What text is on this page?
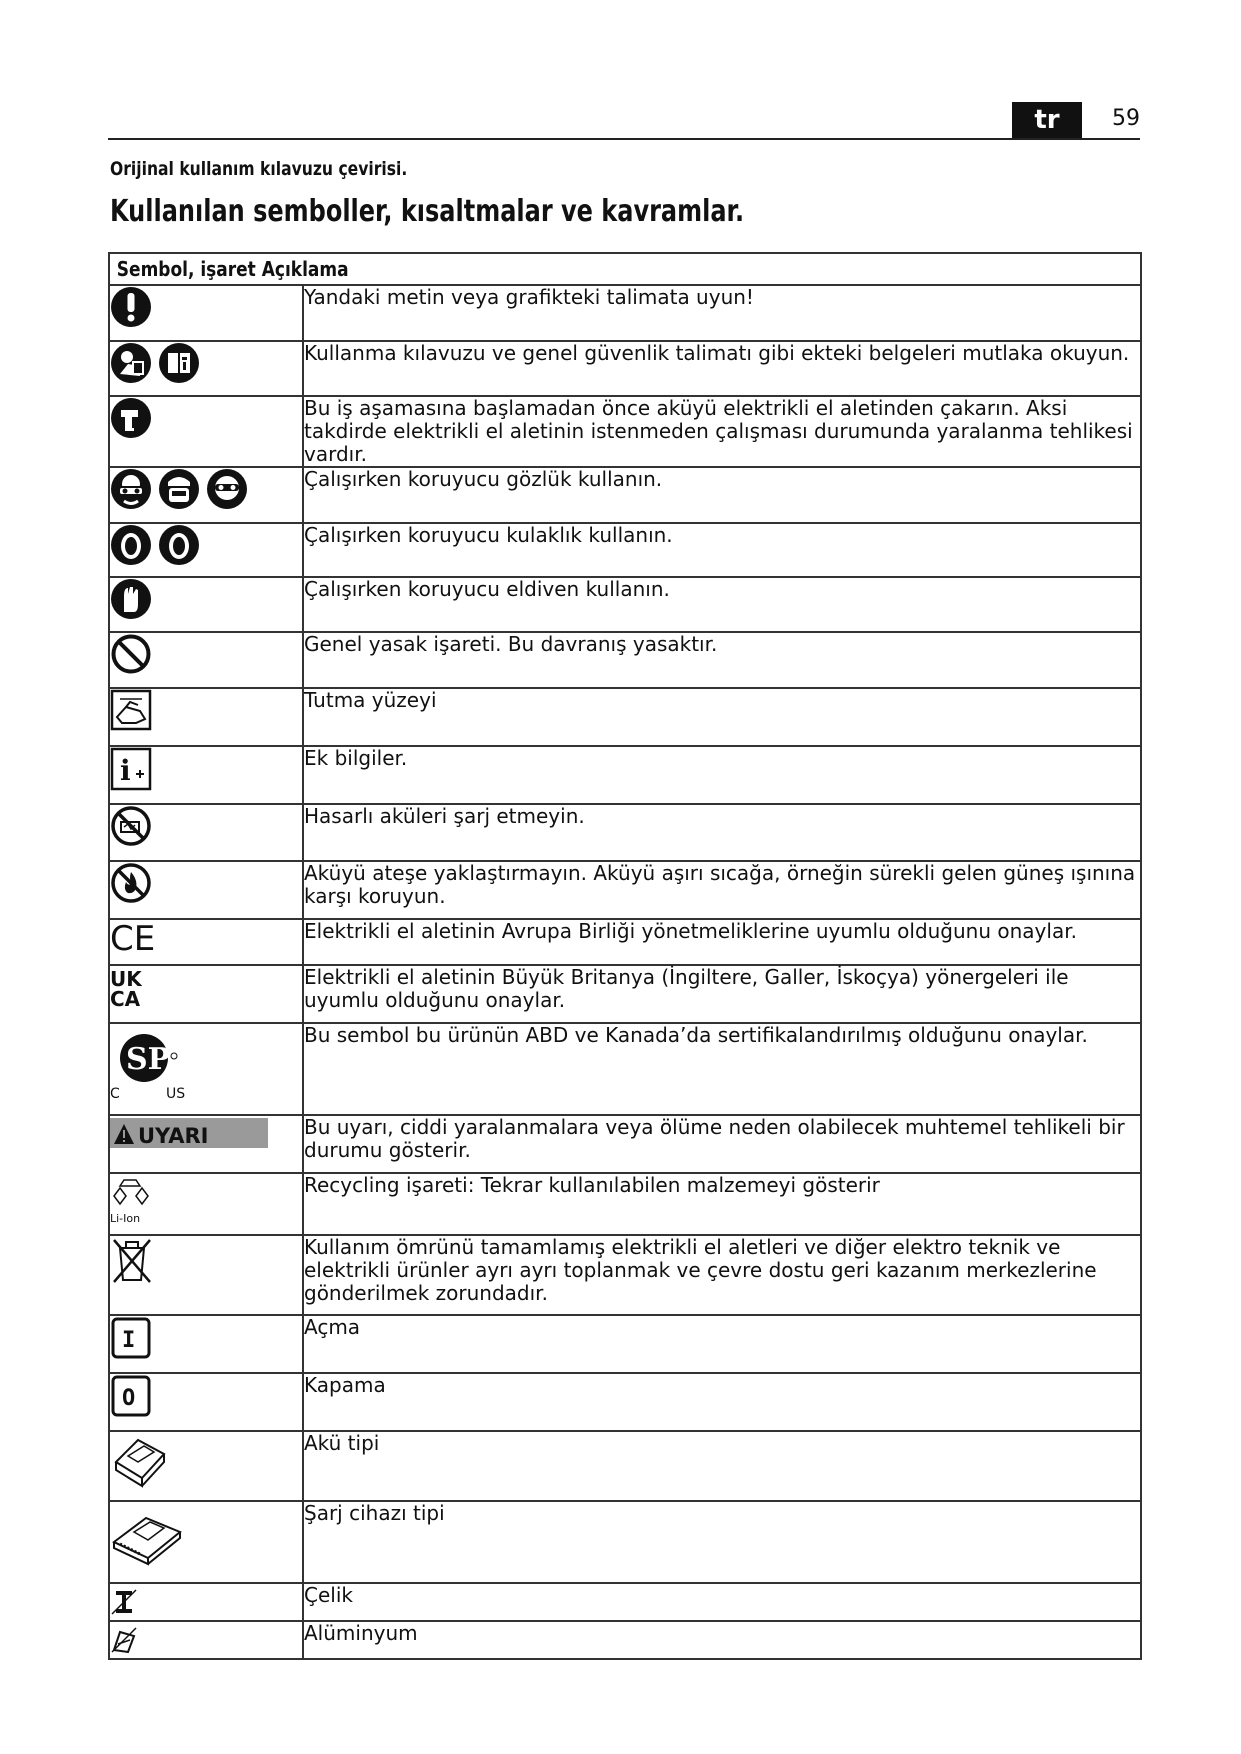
tr	59
Orijinal kullanım kılavuzu çevirisi.
Kullanılan semboller, kısaltmalar ve kavramlar.
Sembol, işaret Açıklama	

	Yandaki metin veya grafikteki talimata uyun!

	Kullanma kılavuzu ve genel güvenlik talimatı gibi ekteki belgeleri mutlaka okuyun.

	Bu iş aşamasına başlamadan önce aküyü elektrikli el aletinden çakarın. Aksi takdirde elektrikli el aletinin istenmeden çalışması durumunda yaralanma tehlikesi vardır.

	Çalışırken koruyucu gözlük kullanın.

	Çalışırken koruyucu kulaklık kullanın.

	Çalışırken koruyucu eldiven kullanın.

	Genel yasak işareti. Bu davranış yasaktır.

	Tutma yüzeyi

i	Ek bilgiler.

	Hasarlı aküleri şarj etmeyin.

	Aküyü ateşe yaklaştırmayın. Aküyü aşırı sıcağa, örneğin sürekli gelen güneş ışınına karşı koruyun.

CE	Elektrikli el aletinin Avrupa Birliği yönetmeliklerine uyumlu olduğunu onaylar.

UK
CA	Elektrikli el aletinin Büyük Britanya (İngiltere, Galler, İskoçya) yönergeleri ile uyumlu olduğunu onaylar.

SP
C US	Bu sembol bu ürünün ABD ve Kanada’da sertifikalandırılmış olduğunu onaylar.

UYARI	Bu uyarı, ciddi yaralanmalara veya ölüme neden olabilecek muhtemel tehlikeli bir durumu gösterir.

Li-Ion	Recycling işareti: Tekrar kullanılabilen malzemeyi gösterir

	Kullanım ömrünü tamamlamış elektrikli el aletleri ve diğer elektro teknik ve elektrikli ürünler ayrı ayrı toplanmak ve çevre dostu geri kazanım merkezlerine gönderilmek zorundadır.

I	Açma

O	Kapama

	Akü tipi

	Şarj cihazı tipi

	Çelik

	Alüminyum
